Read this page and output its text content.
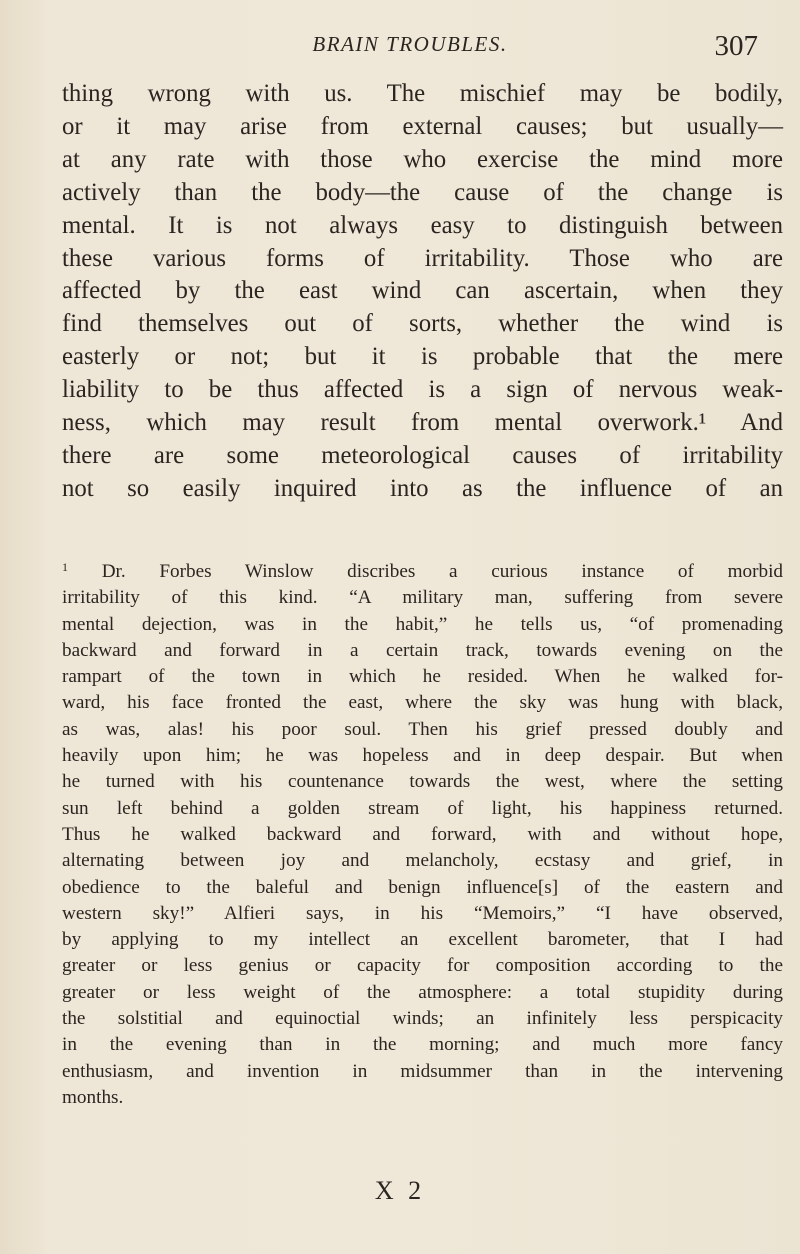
BRAIN TROUBLES.	307
thing wrong with us. The mischief may be bodily,
or it may arise from external causes; but usually—
at any rate with those who exercise the mind more
actively than the body—the cause of the change is
mental. It is not always easy to distinguish between
these various forms of irritability. Those who are
affected by the east wind can ascertain, when they
find themselves out of sorts, whether the wind is
easterly or not; but it is probable that the mere
liability to be thus affected is a sign of nervous weak-
ness, which may result from mental overwork.¹ And
there are some meteorological causes of irritability
not so easily inquired into as the influence of an
$^1$ Dr. Forbes Winslow discribes a curious instance of morbid
irritability of this kind. “A military man, suffering from severe
mental dejection, was in the habit,” he tells us, “of promenading
backward and forward in a certain track, towards evening on the
rampart of the town in which he resided. When he walked for-
ward, his face fronted the east, where the sky was hung with black,
as was, alas! his poor soul. Then his grief pressed doubly and
heavily upon him; he was hopeless and in deep despair. But when
he turned with his countenance towards the west, where the setting
sun left behind a golden stream of light, his happiness returned.
Thus he walked backward and forward, with and without hope,
alternating between joy and melancholy, ecstasy and grief, in
obedience to the baleful and benign influence[s] of the eastern and
western sky!” Alfieri says, in his “Memoirs,” “I have observed,
by applying to my intellect an excellent barometer, that I had
greater or less genius or capacity for composition according to the
greater or less weight of the atmosphere: a total stupidity during
the solstitial and equinoctial winds; an infinitely less perspicacity
in the evening than in the morning; and much more fancy
enthusiasm, and invention in midsummer than in the intervening
months.
X 2
